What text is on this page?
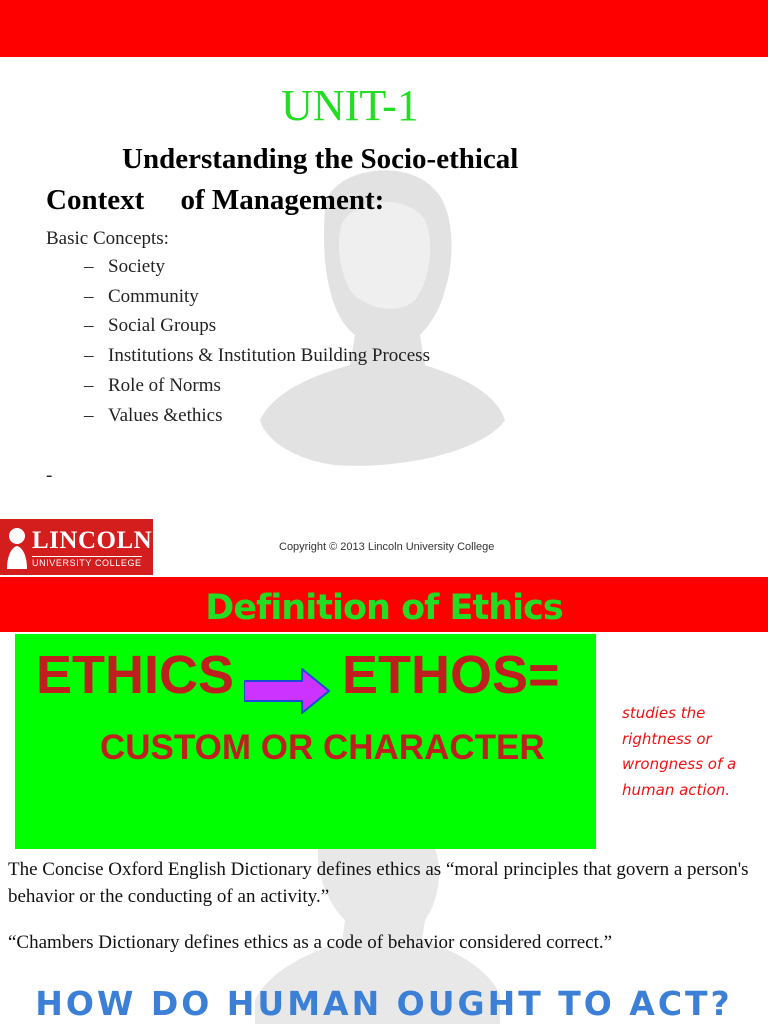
UNIT-1
Understanding the Socio-ethical
Context     of Management:
Basic Concepts:
– Society
– Community
– Social Groups
– Institutions & Institution Building Process
– Role of Norms
– Values &ethics
-
LINCOLN
UNIVERSITY COLLEGE
Copyright © 2013 Lincoln University College
Definition of Ethics
ETHICS ETHOS=
CUSTOM OR CHARACTER
studies the rightness or wrongness of a human action.
The Concise Oxford English Dictionary defines ethics as “moral principles that govern a person's behavior or the conducting of an activity.”
“Chambers Dictionary defines ethics as a code of behavior considered correct.”
HOW DO HUMAN OUGHT TO ACT?
